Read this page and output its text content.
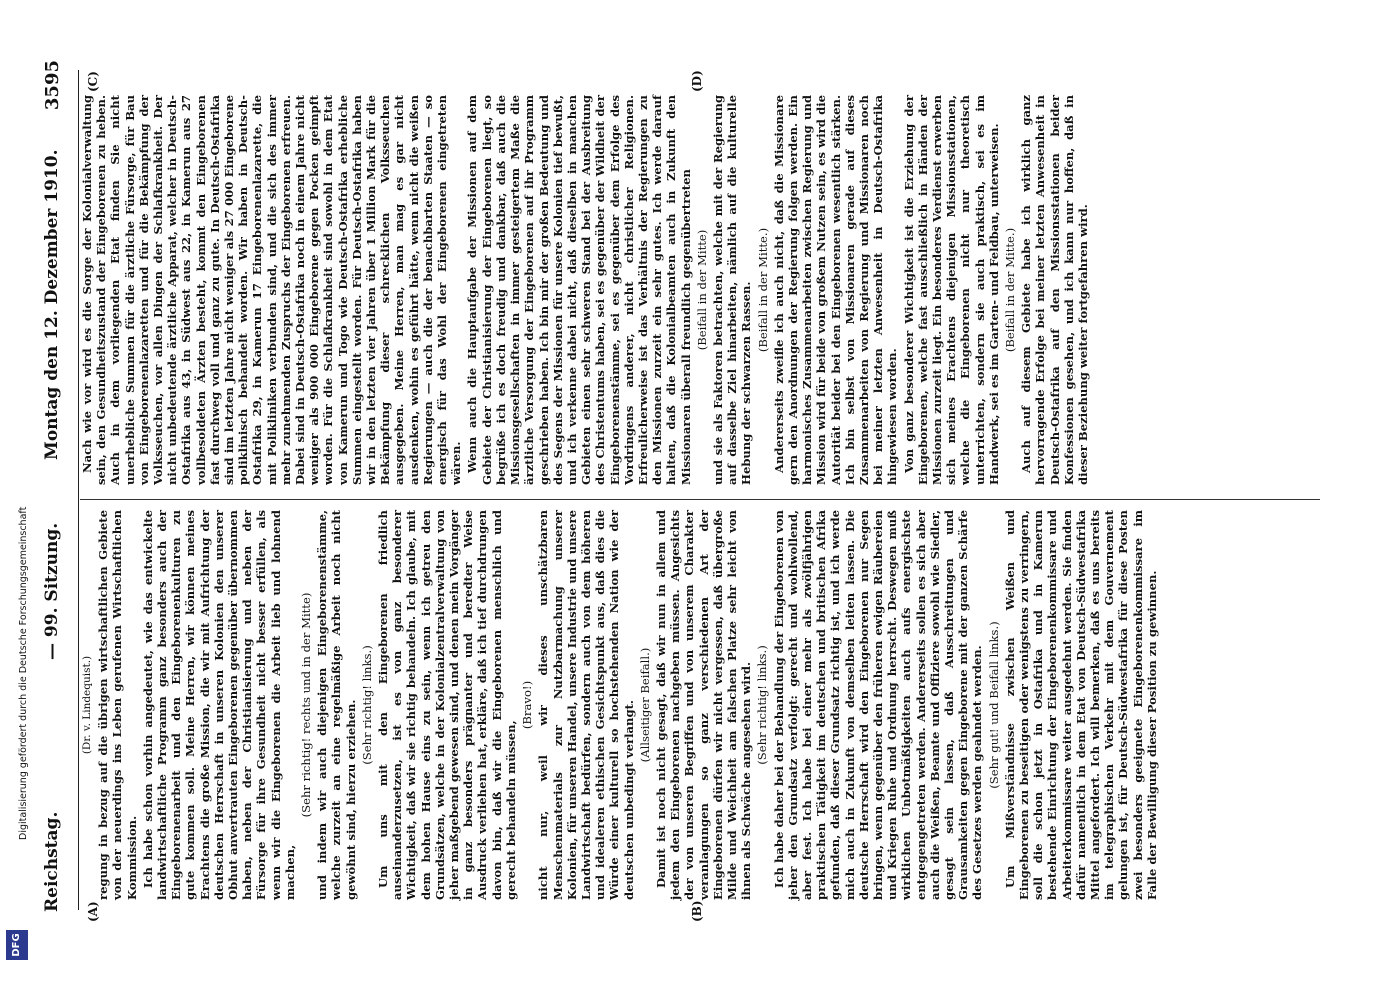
Reichstag.
— 99. Sitzung.
Montag den 12. Dezember 1910.
3595
(A)	(B)
(C)	(D)

(Dr. v. Lindequist.) regung in bezug auf die übrigen wirtschaftlichen Gebiete von der neuerdings ins Leben gerufenen Wirtschaftlichen Kommission. Ich habe schon vorhin angedeutet, wie das entwickelte landwirtschaftliche Programm ganz besonders auch der Eingeborenenarbeit und den Eingeborenenkulturen zu gute kommen soll. Meine Herren, wir können meines Erachtens die große Mission, die wir mit Aufrichtung der deutschen Herrschaft in unseren Kolonien den unserer Obhut anvertrauten Eingeborenen gegenüber übernommen haben, neben der Christianisierung und neben der Fürsorge für ihre Gesundheit nicht besser erfüllen, als wenn wir die Eingeborenen die Arbeit lieb und lohnend machen,

(Sehr richtig! rechts und in der Mitte) und indem wir auch diejenigen Eingeborenenstämme, welche zurzeit an eine regelmäßige Arbeit noch nicht gewöhnt sind, hierzu erziehen. (Sehr richtig! links.) Um uns mit den Eingeborenen friedlich auseinanderzusetzen, ist es von ganz besonderer Wichtigkeit, daß wir sie richtig behandeln. Ich glaube, mit dem hohen Hause eins zu sein, wenn ich getreu den Grundsätzen, welche in der Kolonialzentralverwaltung von jeher maßgebend gewesen sind, und denen mein Vorgänger in ganz besonders prägnanter und beredter Weise Ausdruck verliehen hat, erkläre, daß ich tief durchdrungen davon bin, daß wir die Eingeborenen menschlich und gerecht behandeln müssen,

(Bravo!) nicht nur, weil wir dieses unschätzbaren Menschenmaterials zur Nutzbarmachung unserer Kolonien, für unseren Handel, unsere Industrie und unsere Landwirtschaft bedürfen, sondern auch von dem höheren und idealeren ethischen Gesichtspunkt aus, daß dies die Würde einer kulturell so hochstehenden Nation wie der deutschen unbedingt verlangt. (Allseitiger Beifall.) Damit ist noch nicht gesagt, daß wir nun in allem und jedem den Eingeborenen nachgeben müssen. Angesichts der von unseren Begriffen und von unserem Charakter veranlagungen so ganz verschiedenen Art der Eingeborenen dürfen wir nicht vergessen, daß übergroße Milde und Weichheit am falschen Platze sehr leicht von ihnen als Schwäche angesehen wird. (Sehr richtig! links.) Ich habe daher bei der Behandlung der Eingeborenen von jeher den Grundsatz verfolgt: gerecht und wohlwollend, aber fest. Ich habe bei einer mehr als zwölfjährigen praktischen Tätigkeit im deutschen und britischen Afrika gefunden, daß dieser Grundsatz richtig ist, und ich werde mich auch in Zukunft von demselben leiten lassen. Die deutsche Herrschaft wird den Eingeborenen nur Segen bringen, wenn gegenüber den früheren ewigen Räubereien und Kriegen Ruhe und Ordnung herrscht. Deswegen muß wirklichen Unbotmäßigkeiten auch aufs energischste entgegengetreten werden. Andererseits sollen es sich aber auch die Weißen, Beamte und Offiziere sowohl wie Siedler, gesagt sein lassen, daß Ausschreitungen und Grausamkeiten gegen Eingeborene mit der ganzen Schärfe des Gesetzes werden geahndet werden. (Sehr gut! und Beifall links.) Um Mißverständnisse zwischen Weißen und Eingeborenen zu beseitigen oder wenigstens zu verringern, soll die schon jetzt in Ostafrika und in Kamerun bestehende Einrichtung der Eingeborenenkommissare und Arbeiterkommissare weiter ausgedehnt werden. Sie finden dafür namentlich in dem Etat von Deutsch-Südwestafrika Mittel angefordert. Ich will bemerken, daß es uns bereits im telegraphischen Verkehr mit dem Gouvernement gelungen ist, für Deutsch-Südwestafrika für diese Posten zwei besonders geeignete Eingeborenenkommissare im Falle der Bewilligung dieser Position zu gewinnen.

Nach wie vor wird es die Sorge der Kolonialverwaltung sein, den Gesundheitszustand der Eingeborenen zu heben. Auch in dem vorliegenden Etat finden Sie nicht unerhebliche Summen für die ärztliche Fürsorge, für Bau von Eingeborenenlazaretten und für die Bekämpfung der Volksseuchen, vor allen Dingen der Schlafkrankheit. Der nicht unbedeutende ärztliche Apparat, welcher in Deutsch-Ostafrika aus 43, in Südwest aus 22, in Kamerun aus 27 vollbesoldeten Ärzten besteht, kommt den Eingeborenen fast durchweg voll und ganz zu gute. In Deutsch-Ostafrika sind im letzten Jahre nicht weniger als 27 000 Eingeborene poliklinisch behandelt worden. Wir haben in Deutsch-Ostafrika 29, in Kamerun 17 Eingeborenenlazarette, die mit Polikliniken verbunden sind, und die sich des immer mehr zunehmenden Zuspruchs der Eingeborenen erfreuen. Dabei sind in Deutsch-Ostafrika noch in einem Jahre nicht weniger als 900 000 Eingeborene gegen Pocken geimpft worden. Für die Schlafkrankheit sind sowohl in dem Etat von Kamerun und Togo wie Deutsch-Ostafrika erhebliche Summen eingestellt worden. Für Deutsch-Ostafrika haben wir in den letzten vier Jahren über 1 Million Mark für die Bekämpfung dieser schrecklichen Volksseuchen ausgegeben. Meine Herren, man mag es gar nicht ausdenken, wohin es geführt hätte, wenn nicht die weißen Regierungen — auch die der benachbarten Staaten — so energisch für das Wohl der Eingeborenen eingetreten wären. Wenn auch die Hauptaufgabe der Missionen auf dem Gebiete der Christianisierung der Eingeborenen liegt, so begrüße ich es doch freudig und dankbar, daß auch die Missionsgesellschaften in immer gesteigertem Maße die ärztliche Versorgung der Eingeborenen auf ihr Programm geschrieben haben. Ich bin mir der großen Bedeutung und des Segens der Missionen für unsere Kolonien tief bewußt, und ich verkenne dabei nicht, daß dieselben in manchen Gebieten einen sehr schweren Stand bei der Ausbreitung des Christentums haben, sei es gegenüber der Wildheit der Eingeborenenstämme, sei es gegenüber dem Erfolge des Vordringens anderer, nicht christlicher Religionen. Erfreulicherweise ist das Verhältnis der Regierungen zu den Missionen zurzeit ein sehr gutes. Ich werde darauf halten, daß die Kolonialbeamten auch in Zukunft den Missionaren überall freundlich gegenübertreten (Beifall in der Mitte) und sie als Faktoren betrachten, welche mit der Regierung auf dasselbe Ziel hinarbeiten, nämlich auf die kulturelle Hebung der schwarzen Rassen. (Beifall in der Mitte.) Andererseits zweifle ich auch nicht, daß die Missionare gern den Anordnungen der Regierung folgen werden. Ein harmonisches Zusammenarbeiten zwischen Regierung und Mission wird für beide von großem Nutzen sein, es wird die Autorität beider bei den Eingeborenen wesentlich stärken. Ich bin selbst von Missionaren gerade auf dieses Zusammenarbeiten von Regierung und Missionaren noch bei meiner letzten Anwesenheit in Deutsch-Ostafrika hingewiesen worden. Von ganz besonderer Wichtigkeit ist die Erziehung der Eingeborenen, welche fast ausschließlich in Händen der Missionen zurzeit liegt. Ein besonderes Verdienst erwerben sich meines Erachtens diejenigen Missionsstationen, welche die Eingeborenen nicht nur theoretisch unterrichten, sondern sie auch praktisch, sei es im Handwerk, sei es im Garten- und Feldbau, unterweisen. (Beifall in der Mitte.) Auch auf diesem Gebiete habe ich wirklich ganz hervorragende Erfolge bei meiner letzten Anwesenheit in Deutsch-Ostafrika auf den Missionsstationen beider Konfessionen gesehen, und ich kann nur hoffen, daß in dieser Beziehung weiter fortgefahren wird.

DFG
Digitalisierung gefördert durch die Deutsche Forschungsgemeinschaft
